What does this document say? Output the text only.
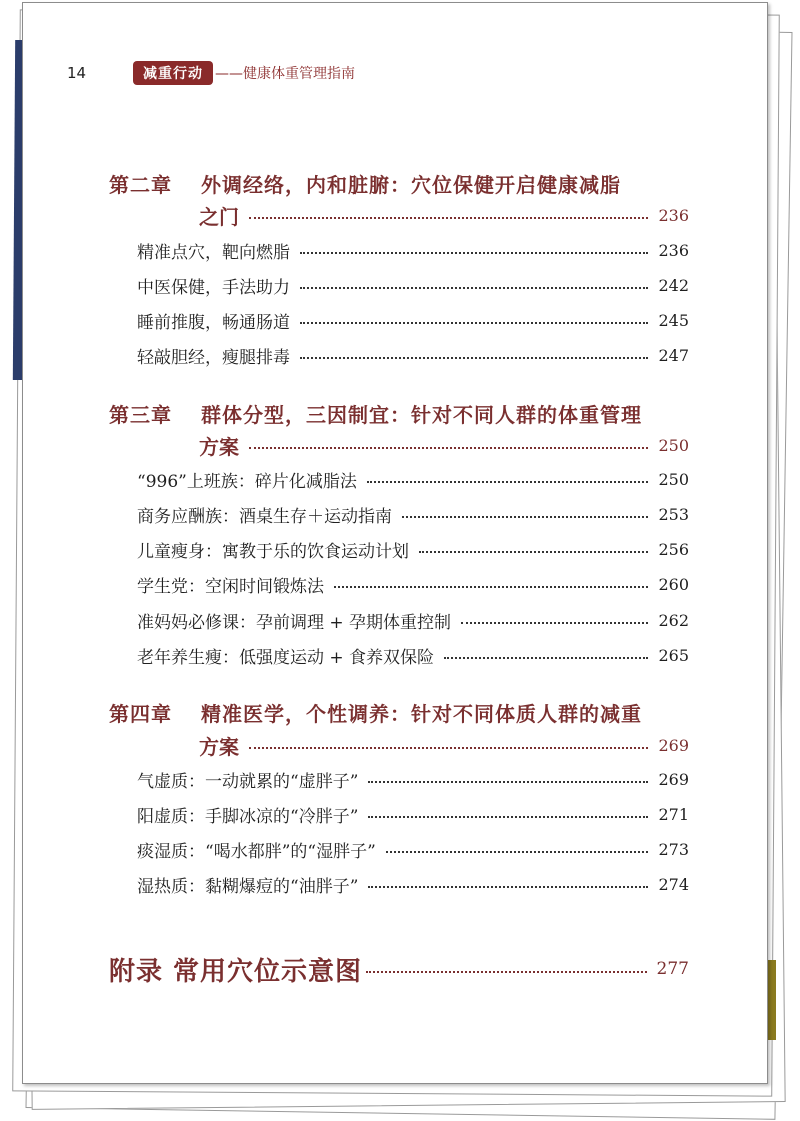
14	减重行动 ——健康体重管理指南
第二章 外调经络，内和脏腑：穴位保健开启健康减脂
之门	236
精准点穴，靶向燃脂	236
中医保健，手法助力	242
睡前推腹，畅通肠道	245
轻敲胆经，瘦腿排毒	247
第三章 群体分型，三因制宜：针对不同人群的体重管理
方案	250
“996”上班族：碎片化减脂法	250
商务应酬族：酒桌生存＋运动指南	253
儿童瘦身：寓教于乐的饮食运动计划	256
学生党：空闲时间锻炼法	260
准妈妈必修课：孕前调理 + 孕期体重控制	262
老年养生瘦：低强度运动 + 食养双保险	265
第四章 精准医学，个性调养：针对不同体质人群的减重
方案	269
气虚质：一动就累的“虚胖子”	269
阳虚质：手脚冰凉的“冷胖子”	271
痰湿质：“喝水都胖”的“湿胖子”	273
湿热质：黏糊爆痘的“油胖子”	274
附录 常用穴位示意图	277
